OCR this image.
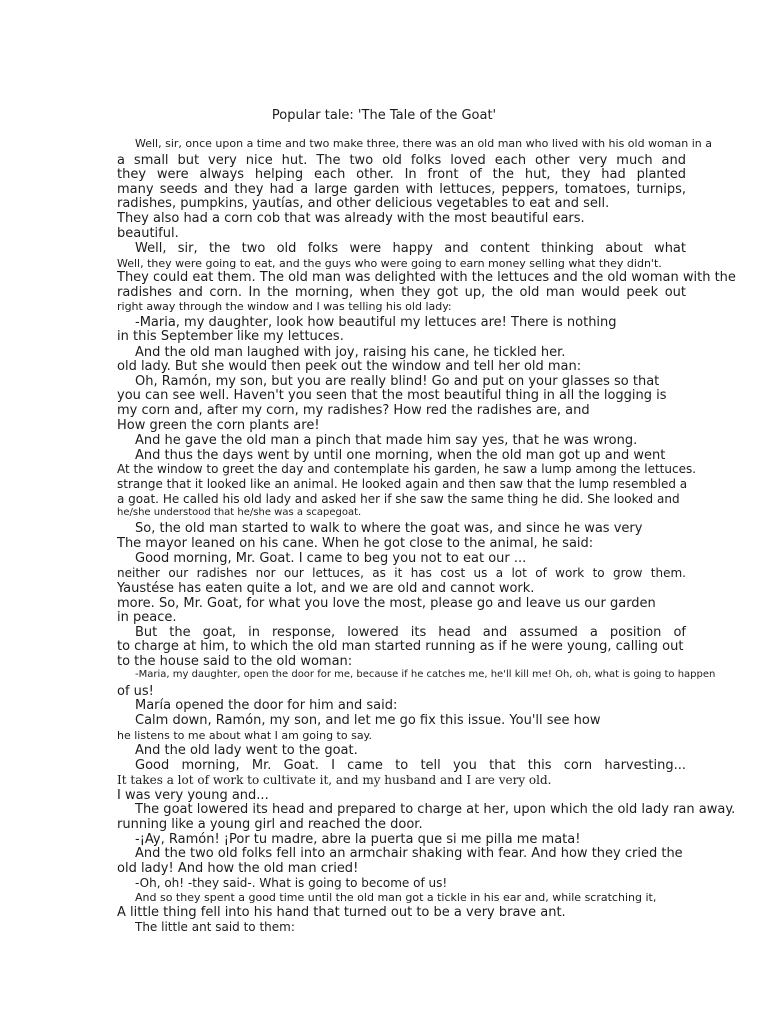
Popular tale: 'The Tale of the Goat'
Well, sir, once upon a time and two make three, there was an old man who lived with his old woman in a
a small but very nice hut. The two old folks loved each other very much and
they were always helping each other. In front of the hut, they had planted
many seeds and they had a large garden with lettuces, peppers, tomatoes, turnips,
radishes, pumpkins, yautías, and other delicious vegetables to eat and sell.
They also had a corn cob that was already with the most beautiful ears.
beautiful.
Well, sir, the two old folks were happy and content thinking about what
Well, they were going to eat, and the guys who were going to earn money selling what they didn't.
They could eat them. The old man was delighted with the lettuces and the old woman with the
radishes and corn. In the morning, when they got up, the old man would peek out
right away through the window and I was telling his old lady:
-Maria, my daughter, look how beautiful my lettuces are! There is nothing
in this September like my lettuces.
And the old man laughed with joy, raising his cane, he tickled her.
old lady. But she would then peek out the window and tell her old man:
Oh, Ramón, my son, but you are really blind! Go and put on your glasses so that
you can see well. Haven't you seen that the most beautiful thing in all the logging is
my corn and, after my corn, my radishes? How red the radishes are, and
How green the corn plants are!
And he gave the old man a pinch that made him say yes, that he was wrong.
And thus the days went by until one morning, when the old man got up and went
At the window to greet the day and contemplate his garden, he saw a lump among the lettuces.
strange that it looked like an animal. He looked again and then saw that the lump resembled a
a goat. He called his old lady and asked her if she saw the same thing he did. She looked and
he/she understood that he/she was a scapegoat.
So, the old man started to walk to where the goat was, and since he was very
The mayor leaned on his cane. When he got close to the animal, he said:
Good morning, Mr. Goat. I came to beg you not to eat our ...
neither our radishes nor our lettuces, as it has cost us a lot of work to grow them.
Yaustése has eaten quite a lot, and we are old and cannot work.
more. So, Mr. Goat, for what you love the most, please go and leave us our garden
in peace.
But the goat, in response, lowered its head and assumed a position of
to charge at him, to which the old man started running as if he were young, calling out
to the house said to the old woman:
-Maria, my daughter, open the door for me, because if he catches me, he'll kill me! Oh, oh, what is going to happen
of us!
María opened the door for him and said:
Calm down, Ramón, my son, and let me go fix this issue. You'll see how
he listens to me about what I am going to say.
And the old lady went to the goat.
Good morning, Mr. Goat. I came to tell you that this corn harvesting...
It takes a lot of work to cultivate it, and my husband and I are very old.
I was very young and...
The goat lowered its head and prepared to charge at her, upon which the old lady ran away.
running like a young girl and reached the door.
-¡Ay, Ramón! ¡Por tu madre, abre la puerta que si me pilla me mata!
And the two old folks fell into an armchair shaking with fear. And how they cried the
old lady! And how the old man cried!
-Oh, oh! -they said-. What is going to become of us!
And so they spent a good time until the old man got a tickle in his ear and, while scratching it,
A little thing fell into his hand that turned out to be a very brave ant.
The little ant said to them:
